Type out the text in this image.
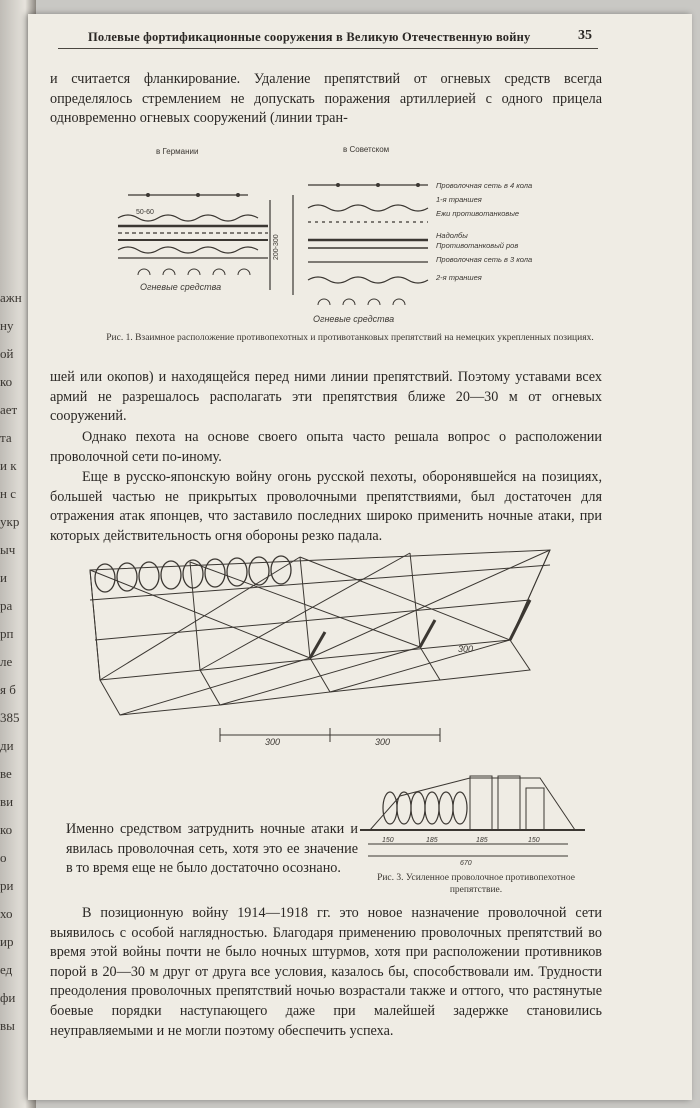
ажн
ну
ой
ко
ает
та
и к
н с
укр
ыч
и
ра
рп
ле
я б
385
ди
ве
ви
ко
о
ри
хо
ир
ед
фи
вы
Полевые фортификационные сооружения в Великую Отечественную войну	35

и считается фланкирование. Удаление препятствий от огневых средств всегда определялось стремлением не допускать поражения артиллерией с одного прицела одновременно огневых сооружений (линии тран-

в Германии	в Советском
Огневые средства
Огневые средства
50-60
200-300
Проволочная сеть в 4 кола
1-я траншея
Ежи противотанковые
Надолбы
Противотанковый ров
Проволочная сеть в 3 кола
2-я траншея
Рис. 1. Взаимное расположение противопехотных и противотанковых препятствий на немецких укрепленных позициях.

шей или окопов) и находящейся перед ними линии препятствий. Поэтому уставами всех армий не разрешалось располагать эти препятствия ближе 20—30 м от огневых сооружений.

Однако пехота на основе своего опыта часто решала вопрос о расположении проволочной сети по-иному.

Еще в русско-японскую войну огонь русской пехоты, оборонявшейся на позициях, большей частью не прикрытых проволочными препятствиями, был достаточен для отражения атак японцев, что заставило последних широко применить ночные атаки, при которых действительность огня обороны резко падала.

300	300
300
150	185	185	150
670

Именно средством затруднить ночные атаки и явилась проволочная сеть, хотя это ее значение в то время еще не было достаточно осознано.

Рис. 3. Усиленное проволочное противопехотное препятствие.

В позиционную войну 1914—1918 гг. это новое назначение проволочной сети выявилось с особой наглядностью. Благодаря применению проволочных препятствий во время этой войны почти не было ночных штурмов, хотя при расположении противников порой в 20—30 м друг от друга все условия, казалось бы, способствовали им. Трудности преодоления проволочных препятствий ночью возрастали также и оттого, что растянутые боевые порядки наступающего даже при малейшей задержке становились неуправляемыми и не могли поэтому обеспечить успеха.
